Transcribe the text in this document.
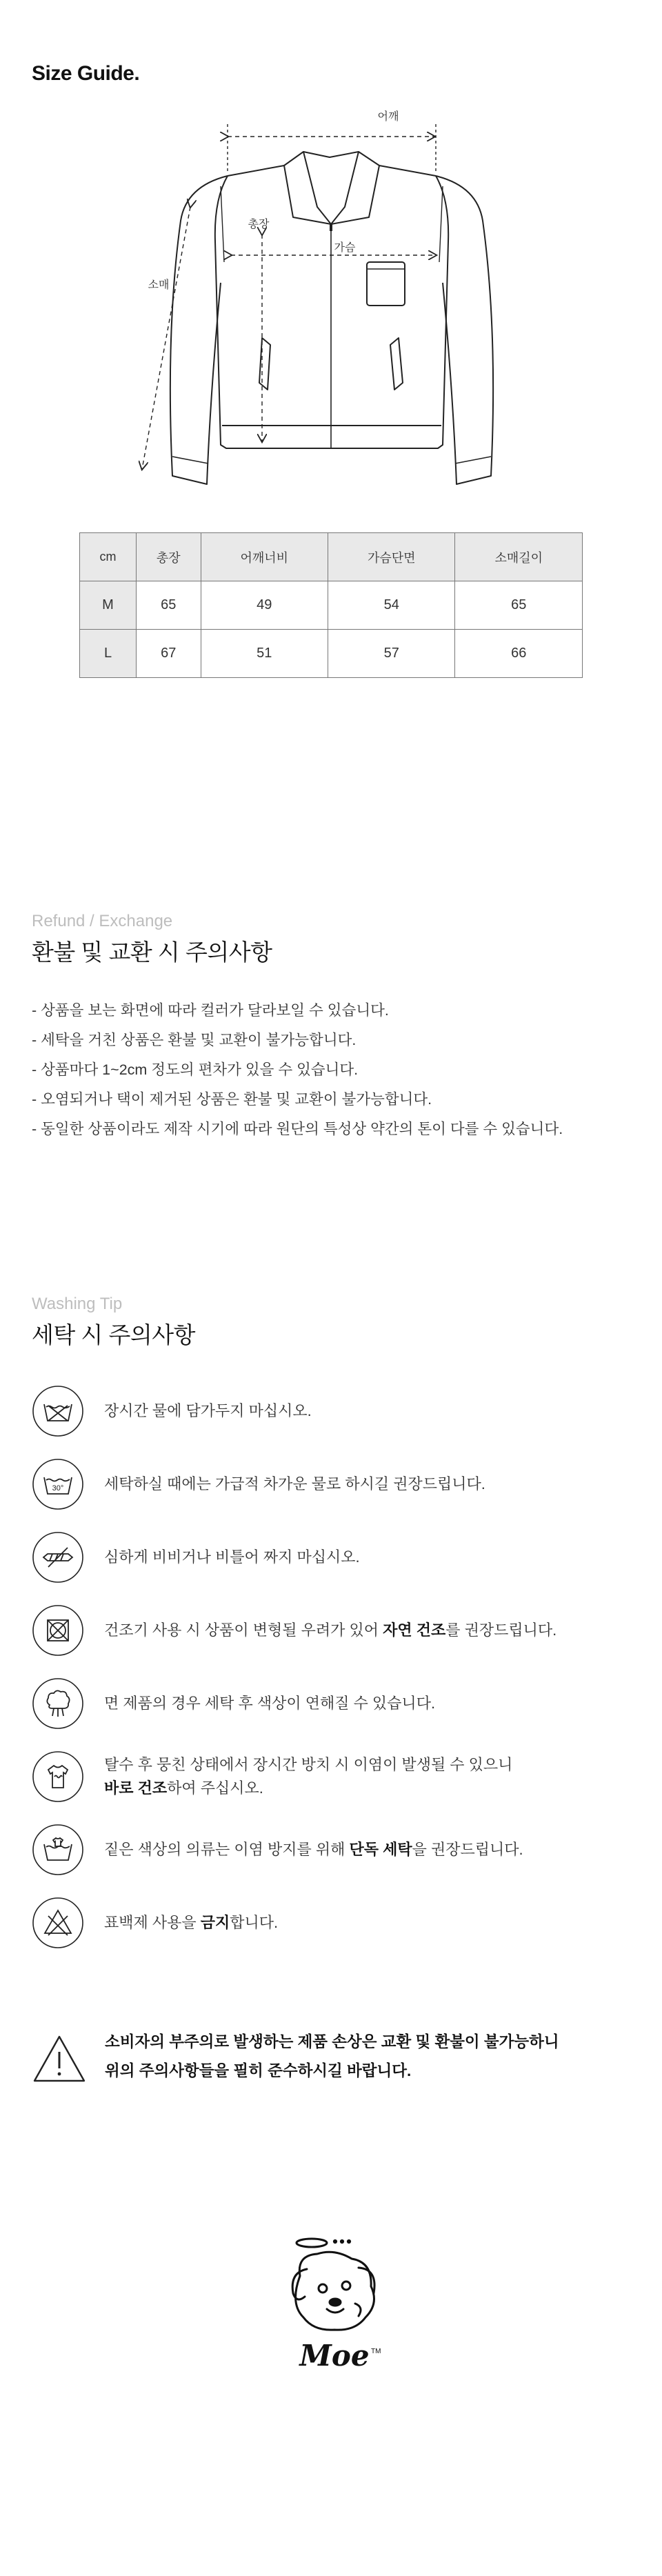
Size Guide.
어깨
총장
가슴
소매
cm	총장	어깨너비	가슴단면	소매길이
M	65	49	54	65
L	67	51	57	66
Refund / Exchange
환불 및 교환 시 주의사항
- 상품을 보는 화면에 따라 컬러가 달라보일 수 있습니다.
- 세탁을 거친 상품은 환불 및 교환이 불가능합니다.
- 상품마다 1~2cm 정도의 편차가 있을 수 있습니다.
- 오염되거나 택이 제거된 상품은 환불 및 교환이 불가능합니다.
- 동일한 상품이라도 제작 시기에 따라 원단의 특성상 약간의 톤이 다를 수 있습니다.
Washing Tip
세탁 시 주의사항
장시간 물에 담가두지 마십시오.
30°	세탁하실 때에는 가급적 차가운 물로 하시길 권장드립니다.
심하게 비비거나 비틀어 짜지 마십시오.
건조기 사용 시 상품이 변형될 우려가 있어 자연 건조를 권장드립니다.
면 제품의 경우 세탁 후 색상이 연해질 수 있습니다.
탈수 후 뭉친 상태에서 장시간 방치 시 이염이 발생될 수 있으니
바로 건조하여 주십시오.
짙은 색상의 의류는 이염 방지를 위해 단독 세탁을 권장드립니다.
표백제 사용을 금지합니다.
소비자의 부주의로 발생하는 제품 손상은 교환 및 환불이 불가능하니
위의 주의사항들을 필히 준수하시길 바랍니다.
Moe TM
